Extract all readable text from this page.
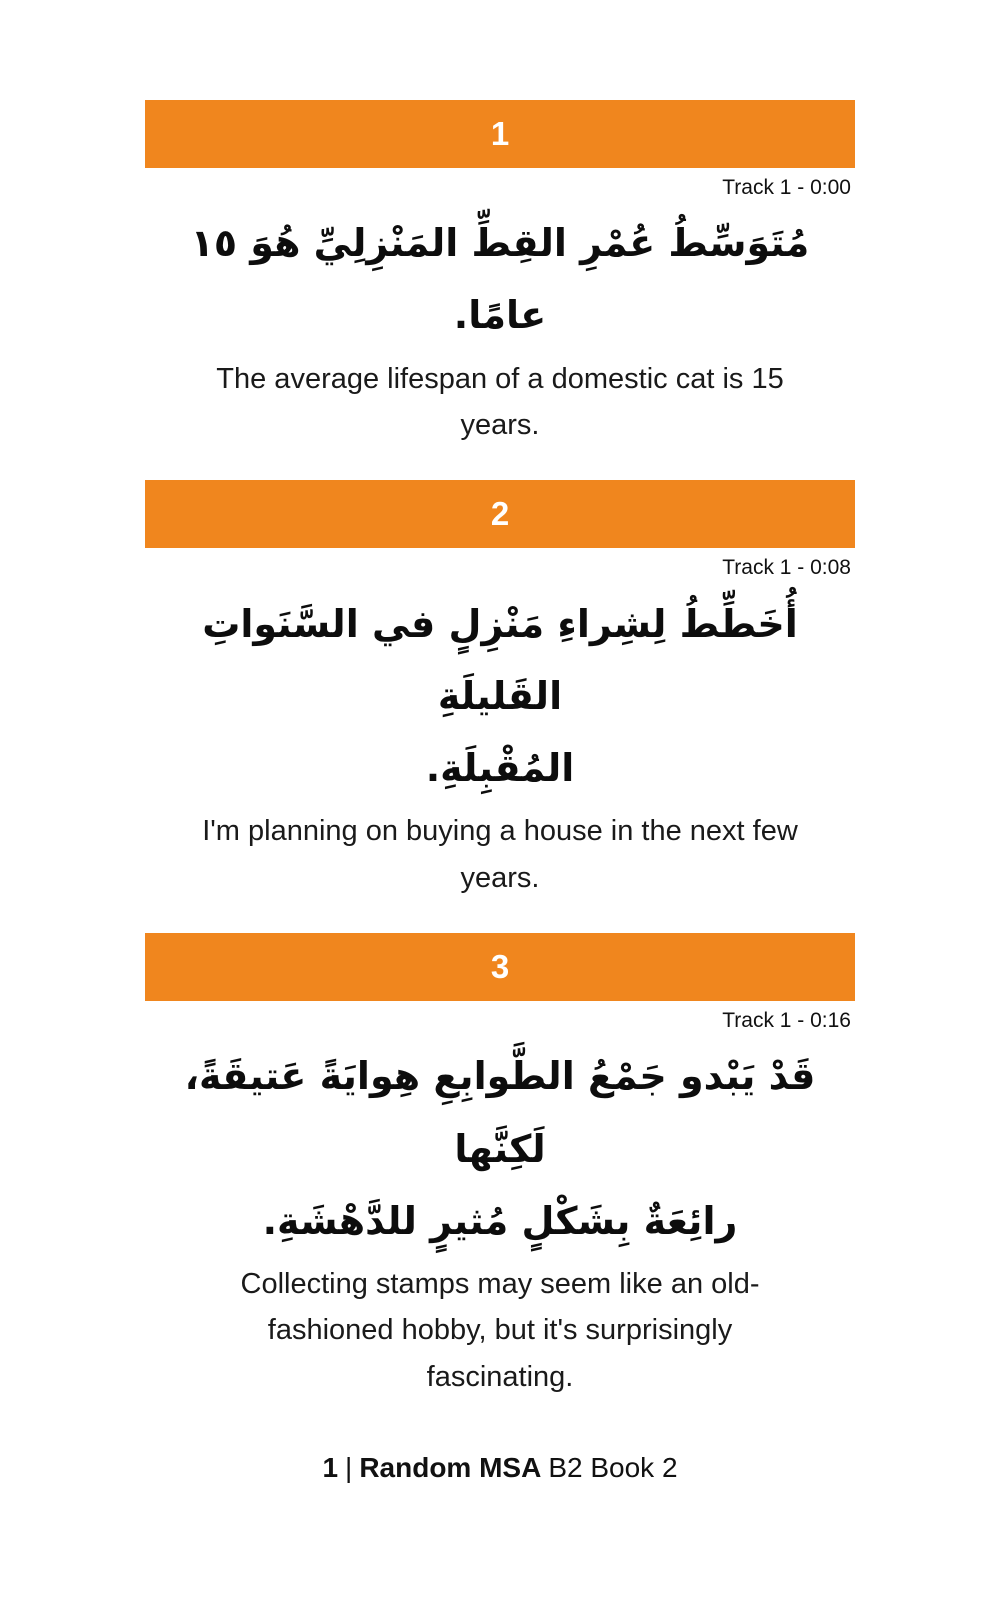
1
Track 1 - 0:00
مُتَوَسِّطُ عُمْرِ القِطِّ المَنْزِلِيِّ هُوَ ١٥ عامًا.
The average lifespan of a domestic cat is 15
years.
2
Track 1 - 0:08
أُخَطِّطُ لِشِراءِ مَنْزِلٍ في السَّنَواتِ القَليلَةِ
المُقْبِلَةِ.
I'm planning on buying a house in the next few
years.
3
Track 1 - 0:16
قَدْ يَبْدو جَمْعُ الطَّوابِعِ هِوايَةً عَتيقَةً، لَكِنَّها
رائِعَةٌ بِشَكْلٍ مُثيرٍ للدَّهْشَةِ.
Collecting stamps may seem like an old-
fashioned hobby, but it's surprisingly
fascinating.
1 | Random MSA B2 Book 2
